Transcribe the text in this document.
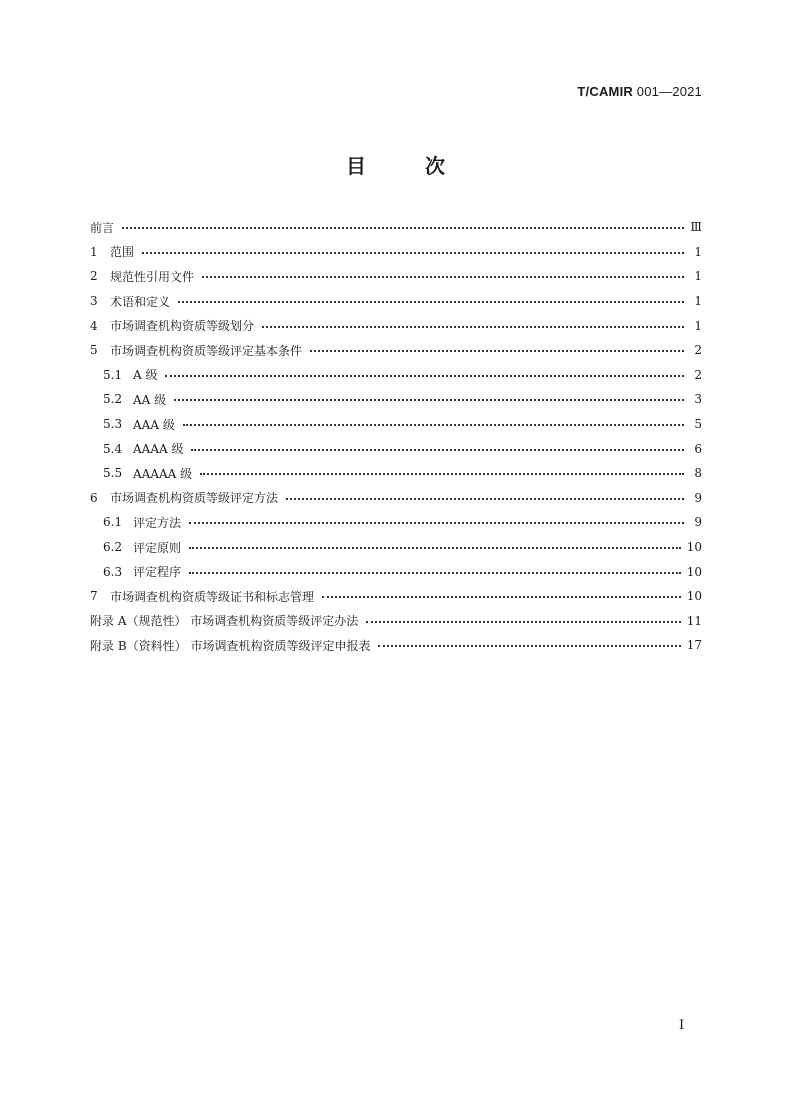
T/CAMIR 001—2021
目	次
前言	Ⅲ
1	范围	1
2	规范性引用文件	1
3	术语和定义	1
4	市场调查机构资质等级划分	1
5	市场调查机构资质等级评定基本条件	2
5.1 A 级	2
5.2 AA 级	3
5.3 AAA 级	5
5.4 AAAA 级	6
5.5 AAAAA 级	8
6	市场调查机构资质等级评定方法	9
6.1 评定方法	9
6.2 评定原则	10
6.3 评定程序	10
7	市场调查机构资质等级证书和标志管理	10
附录 A（规范性） 市场调查机构资质等级评定办法	11
附录 B（资料性） 市场调查机构资质等级评定申报表	17
I
